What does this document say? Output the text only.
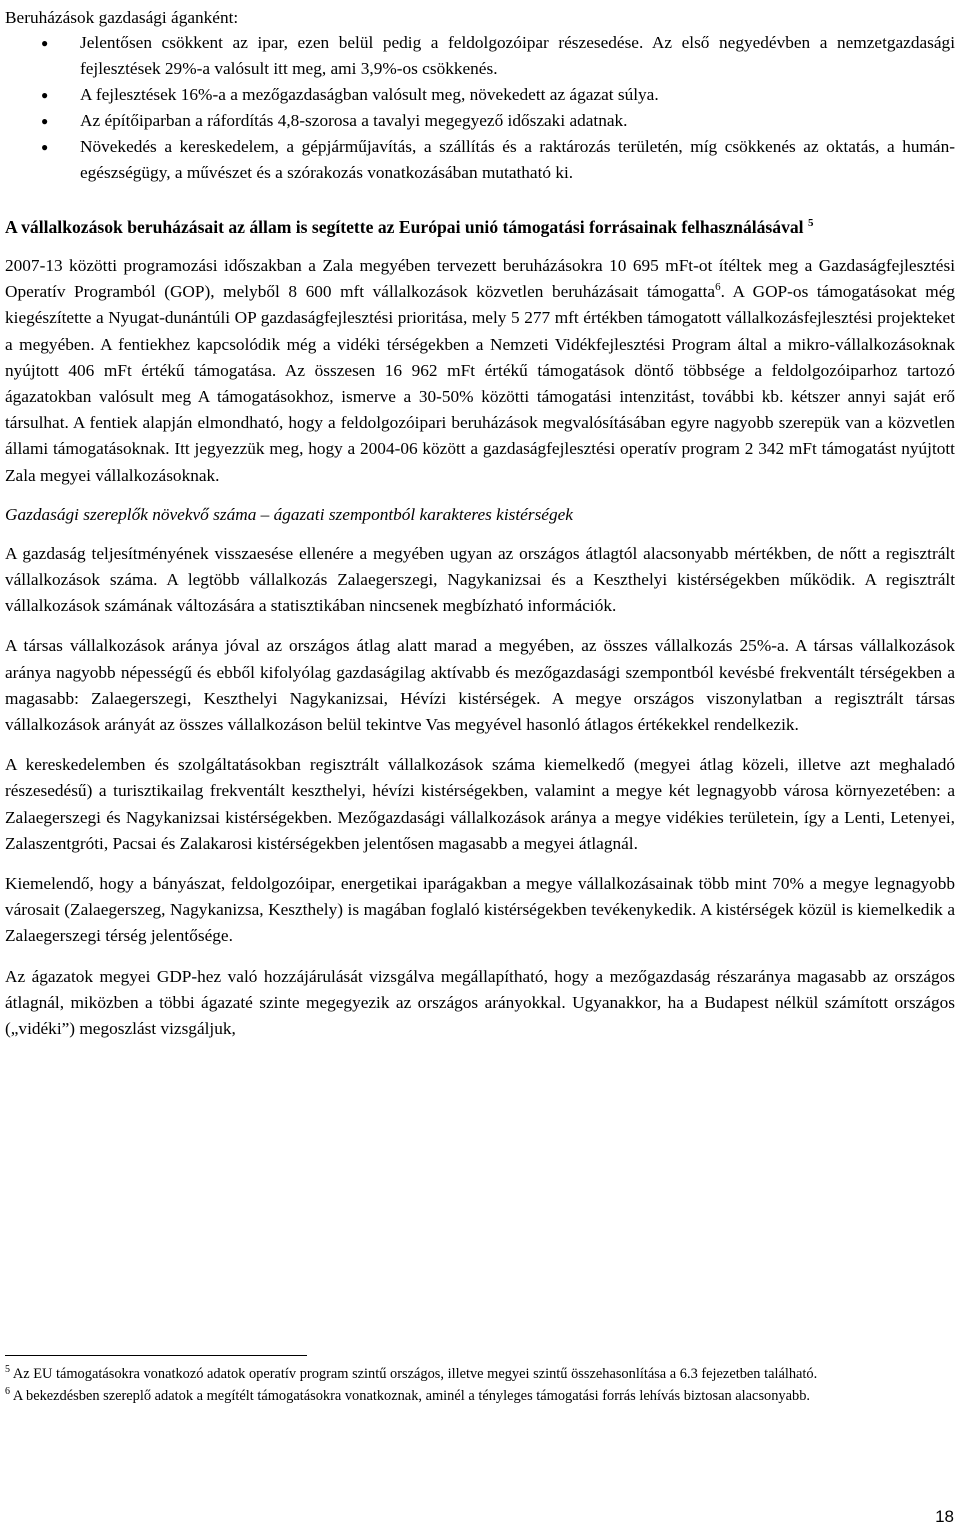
Beruházások gazdasági áganként:

● Jelentősen csökkent az ipar, ezen belül pedig a feldolgozóipar részesedése. Az első negyedévben a nemzetgazdasági fejlesztések 29%-a valósult itt meg, ami 3,9%-os csökkenés.
● A fejlesztések 16%-a a mezőgazdaságban valósult meg, növekedett az ágazat súlya.
● Az építőiparban a ráfordítás 4,8-szorosa a tavalyi megegyező időszaki adatnak.
● Növekedés a kereskedelem, a gépjárműjavítás, a szállítás és a raktározás területén, míg csökkenés az oktatás, a humán-egészségügy, a művészet és a szórakozás vonatkozásában mutatható ki.
A vállalkozások beruházásait az állam is segítette az Európai unió támogatási forrásainak felhasználásával $^5$

2007-13 közötti programozási időszakban a Zala megyében tervezett beruházásokra 10 695 mFt-ot ítéltek meg a Gazdaságfejlesztési Operatív Programból (GOP), melyből 8 600 mft vállalkozások közvetlen beruházásait támogatta$^6$. A GOP-os támogatásokat még kiegészítette a Nyugat-dunántúli OP gazdaságfejlesztési prioritása, mely 5 277 mft értékben támogatott vállalkozásfejlesztési projekteket a megyében. A fentiekhez kapcsolódik még a vidéki térségekben a Nemzeti Vidékfejlesztési Program által a mikro-vállalkozásoknak nyújtott 406 mFt értékű támogatása. Az összesen 16 962 mFt értékű támogatások döntő többsége a feldolgozóiparhoz tartozó ágazatokban valósult meg A támogatásokhoz, ismerve a 30-50% közötti támogatási intenzitást, további kb. kétszer annyi saját erő társulhat. A fentiek alapján elmondható, hogy a feldolgozóipari beruházások megvalósításában egyre nagyobb szerepük van a közvetlen állami támogatásoknak. Itt jegyezzük meg, hogy a 2004-06 között a gazdaságfejlesztési operatív program 2 342 mFt támogatást nyújtott Zala megyei vállalkozásoknak.

Gazdasági szereplők növekvő száma – ágazati szempontból karakteres kistérségek

A gazdaság teljesítményének visszaesése ellenére a megyében ugyan az országos átlagtól alacsonyabb mértékben, de nőtt a regisztrált vállalkozások száma. A legtöbb vállalkozás Zalaegerszegi, Nagykanizsai és a Keszthelyi kistérségekben működik. A regisztrált vállalkozások számának változására a statisztikában nincsenek megbízható információk.

A társas vállalkozások aránya jóval az országos átlag alatt marad a megyében, az összes vállalkozás 25%-a. A társas vállalkozások aránya nagyobb népességű és ebből kifolyólag gazdaságilag aktívabb és mezőgazdasági szempontból kevésbé frekventált térségekben a magasabb: Zalaegerszegi, Keszthelyi Nagykanizsai, Hévízi kistérségek. A megye országos viszonylatban a regisztrált társas vállalkozások arányát az összes vállalkozáson belül tekintve Vas megyével hasonló átlagos értékekkel rendelkezik.

A kereskedelemben és szolgáltatásokban regisztrált vállalkozások száma kiemelkedő (megyei átlag közeli, illetve azt meghaladó részesedésű) a turisztikailag frekventált keszthelyi, hévízi kistérségekben, valamint a megye két legnagyobb városa környezetében: a Zalaegerszegi és Nagykanizsai kistérségekben. Mezőgazdasági vállalkozások aránya a megye vidékies területein, így a Lenti, Letenyei, Zalaszentgróti, Pacsai és Zalakarosi kistérségekben jelentősen magasabb a megyei átlagnál.

Kiemelendő, hogy a bányászat, feldolgozóipar, energetikai iparágakban a megye vállalkozásainak több mint 70% a megye legnagyobb városait (Zalaegerszeg, Nagykanizsa, Keszthely) is magában foglaló kistérségekben tevékenykedik. A kistérségek közül is kiemelkedik a Zalaegerszegi térség jelentősége.

Az ágazatok megyei GDP-hez való hozzájárulását vizsgálva megállapítható, hogy a mezőgazdaság részaránya magasabb az országos átlagnál, miközben a többi ágazaté szinte megegyezik az országos arányokkal. Ugyanakkor, ha a Budapest nélkül számított országos („vidéki”) megoszlást vizsgáljuk,

$^5$ Az EU támogatásokra vonatkozó adatok operatív program szintű országos, illetve megyei szintű összehasonlítása a 6.3 fejezetben található.

$^6$ A bekezdésben szereplő adatok a megítélt támogatásokra vonatkoznak, aminél a tényleges támogatási forrás lehívás biztosan alacsonyabb.

18
